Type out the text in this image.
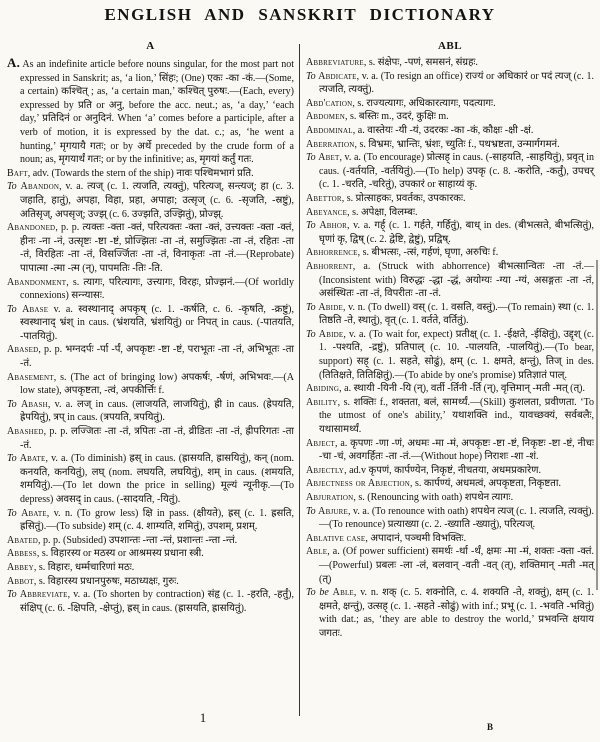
ENGLISH AND SANSKRIT DICTIONARY
A

A. As an indefinite article before nouns singular, for the most part not expressed in Sanskrit; as, ‘a lion,’ सिंहः; (One) एकः -का -कं.—(Some, a certain) कश्चित् ; as, ‘a certain man,’ कश्चित् पुरुषः.—(Each, every) expressed by प्रति or अनु, before the acc. neut.; as, ‘a day,’ ‘each day,’ प्रतिदिनं or अनुदिनं. When ‘a’ comes before a participle, after a verb of motion, it is expressed by the dat. c.; as, ‘he went a hunting,’ मृगयायै गतः; or by अर्थे preceded by the crude form of a noun; as, मृगयार्थं गतः; or by the infinitive; as, मृगयां कर्तुं गतः.

Baft, adv. (Towards the stern of the ship) नावः पश्चिमभागं प्रति.

To Abandon, v. a. त्यज् (c. 1. त्यजति, त्यक्तुं), परित्यज्, सन्त्यज्; हा (c. 3. जहाति, हातुं), अपहा, विहा, प्रहा, अपाहा; उत्सृज् (c. 6. -सृजति, -स्रष्टुं), अतिसृज्, अपसृज्; उज्झ् (c. 6. उज्झति, उज्झितुं), प्रोज्झ्.

Abandoned, p. p. त्यक्तः -क्ता -क्तं, परित्यक्तः -क्ता -क्तं, उत्त्यक्तः -क्ता -क्तं, हीनः -ना -नं, उत्सृष्टः -ष्टा -ष्टं, प्रोज्झितः -ता -तं, समुज्झितः -ता -तं, रहितः -ता -तं, विरहितः -ता -तं, विसर्ज्जितः -ता -तं, विनाकृतः -ता -तं.—(Reprobate) पापात्मा -त्मा -त्म (न्), पापमतिः -तिः -ति.

Abandonment, s. त्यागः, परित्यागः, उत्त्यागः, विरहः, प्रोज्झनं.—(Of worldly connexions) सन्न्यासः.

To Abase v. a. स्वस्थानाद् अपकृष् (c. 1. -कर्षति, c. 6. -कृषति, -क्रष्टुं), स्वस्थानाद् भ्रंश् in caus. (भ्रंशयति, भ्रंशयितुं) or निपत् in caus. (-पातयति, -पातयितुं).

Abased, p. p. भग्नदर्पः -र्पा -र्पं, अपकृष्टः -ष्टा -ष्टं, पराभूतः -ता -तं, अभिभूतः -ता -तं.

Abasement, s. (The act of bringing low) अपकर्षः, -र्षणं, अभिभवः.—(A low state), अपकृष्टता, -त्वं, अपकीर्त्तिः f.

To Abash, v. a. लज् in caus. (लाजयति, लाजयितुं), ह्री in caus. (ह्रेपयति, ह्रेपयितुं), त्रप् in caus. (त्रपयति, त्रपयितुं).

Abashed, p. p. लज्जितः -ता -तं, त्रपितः -ता -तं, व्रीडितः -ता -तं, ह्रीपरिगतः -ता -तं.

To Abate, v. a. (To diminish) ह्रस् in caus. (ह्रासयति, ह्रासयितुं), कन् (nom. कनयति, कनयितुं), लघ् (nom. लघयति, लघयितुं), शम् in caus. (शमयति, शमयितुं).—(To let down the price in selling) मूल्यं न्यूनीकृ.—(To depress) अवसद् in caus. (-सादयति, -यितुं).

To Abate, v. n. (To grow less) क्षि in pass. (क्षीयते), ह्रस् (c. 1. ह्रसति, ह्रसितुं).—(To subside) शम् (c. 4. शाम्यति, शमितुं), उपशम्, प्रशम्.

Abated, p. p. (Subsided) उपशान्तः -न्ता -न्तं, प्रशान्तः -न्ता -न्तं.

Abbess, s. विहारस्य or मठस्य or आश्रमस्य प्रधाना स्त्री.

Abbey, s. विहारः, धर्म्मचारिणां मठः.

Abbot, s. विहारस्य प्रधानपुरुषः, मठाध्यक्षः, गुरुः.

To Abbreviate, v. a. (To shorten by contraction) संहृ (c. 1. -हरति, -हर्तुं), संक्षिप् (c. 6. -क्षिपति, -क्षेप्तुं), ह्रस् in caus. (ह्रासयति, ह्रासयितुं).

ABL

Abbreviature, s. संक्षेपः, -पणं, समसनं, संग्रहः.

To Abdicate, v. a. (To resign an office) राज्यं or अधिकारं or पदं त्यज् (c. 1. त्यजति, त्यक्तुं).

Abd'cation, s. राज्यत्यागः, अधिकारत्यागः, पदत्यागः.

Abdomen, s. बस्तिः m., उदरं, कुक्षिः m.

Abdominal, a. वास्तेयः -यी -यं, उदरकः -का -कं, कौक्षः -क्षी -क्षं.

Aberration, s. विभ्रमः, भ्रान्तिः, भ्रंशः, च्युतिः f., पथभ्रष्टता, उन्मार्गगमनं.

To Abet, v. a. (To encourage) प्रोत्सह् in caus. (-साहयति, -साहयितुं), प्रवृत् in caus. (-वर्तयति, -वर्तयितुं).—(To help) उपकृ (c. 8. -करोति, -कर्तुं), उपचर् (c. 1. -चरति, -चरितुं), उपकारं or साहाय्यं कृ.

Abettor, s. प्रोत्साहकः, प्रवर्तकः, उपकारकः.

Abeyance, s. अपेक्षा, विलम्बः.

To Abhor, v. a. गर्ह् (c. 1. गर्हते, गर्हितुं), बाध् in des. (बीभत्सते, बीभत्सितुं), घृणां कृ, द्विष् (c. 2. द्वेष्टि, द्वेष्टुं), प्रद्विष्.

Abhorrence, s. बीभत्सः, -त्सं, गर्हणं, घृणा, अरुचिः f.

Abhorrent, a. (Struck with abhorrence) बीभत्सान्वितः -ता -तं.—(Inconsistent with) विरुद्धः -द्धा -द्धं, अयोग्यः -ग्या -ग्यं, असङ्गतः -ता -तं, असंस्थितः -ता -तं, विपरीतः -ता -तं.

To Abide, v. n. (To dwell) वस् (c. 1. वसति, वस्तुं).—(To remain) स्था (c. 1. तिष्ठति -ते, स्थातुं), वृत् (c. 1. वर्तते, वर्तितुं).

To Abide, v. a. (To wait for, expect) प्रतीक्ष् (c. 1. -ईक्षते, -ईक्षितुं), उद्दृश् (c. 1. -पश्यति, -द्रष्टुं), प्रतिपाल् (c. 10. -पालयति, -पालयितुं).—(To bear, support) सह् (c. 1. सहते, सोढुं), क्षम् (c. 1. क्षमते, क्षन्तुं), तिज् in des. (तितिक्षते, तितिक्षितुं).—(To abide by one's promise) प्रतिज्ञातं पाल्.

Abiding, a. स्थायी -यिनी -यि (न्), वर्ती -र्तिनी -र्ति (न्), वृत्तिमान् -मती -मत् (त्).

Ability, s. शक्तिः f., शक्तता, बलं, सामर्थ्यं.—(Skill) कुशलता, प्रवीणता. ‘To the utmost of one's ability,’ यथाशक्ति ind., यावच्छक्यं, सर्वबलैः, यथासामर्थ्यं.

Abject, a. कृपणः -णा -णं, अधमः -मा -मं, अपकृष्टः -ष्टा -ष्टं, निकृष्टः -ष्टा -ष्टं, नीचः -चा -चं, अवगर्हितः -ता -तं.—(Without hope) निराशः -शा -शं.

Abjectly, ad.v कृपणं, कार्पण्येन, निकृष्टं, नीचतया, अधमप्रकारेण.

Abjectness or Abjection, s. कार्पण्यं, अधमत्वं, अपकृष्टता, निकृष्टता.

Abjuration, s. (Renouncing with oath) शपथेन त्यागः.

To Abjure, v. a. (To renounce with oath) शपथेन त्यज् (c. 1. त्यजति, त्यक्तुं).—(To renounce) प्रत्याख्या (c. 2. -ख्याति -ख्यातुं), परित्यज्.

Ablative case, अपादानं, पञ्चमी विभक्तिः.

Able, a. (Of power sufficient) समर्थः -र्था -र्थं, क्षमः -मा -मं, शक्तः -क्ता -क्तं.—(Powerful) प्रबलः -ला -लं, बलवान् -वती -वत् (त्), शक्तिमान् -मती -मत् (त्)

To be Able, v. n. शक् (c. 5. शक्नोति, c. 4. शक्यति -ते, शक्तुं), क्षम् (c. 1. क्षमते, क्षन्तुं), उत्सह् (c. 1. -सहते -सोढुं) with inf.; प्रभू (c. 1. -भवति -भवितुं) with dat.; as, ‘they are able to destroy the world,’ प्रभवन्ति क्षयाय जगतः.

1
B
